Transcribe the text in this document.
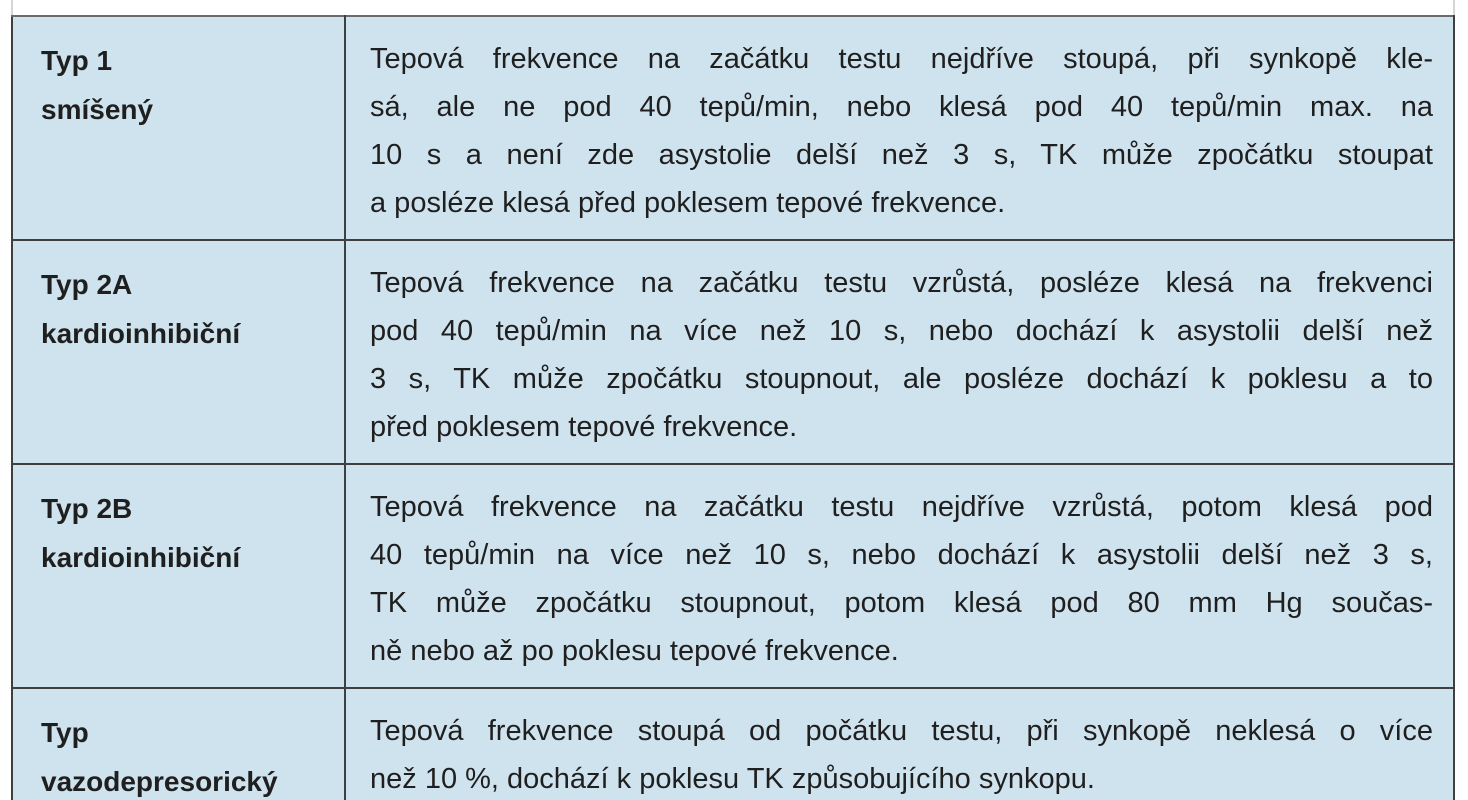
Typ 1
smíšený	Tepová frekvence na začátku testu nejdříve stoupá, při synkopě kle-
sá, ale ne pod 40 tepů/min, nebo klesá pod 40 tepů/min max. na
10 s a není zde asystolie delší než 3 s, TK může zpočátku stoupat
a posléze klesá před poklesem tepové frekvence.

Typ 2A
kardioinhibiční	Tepová frekvence na začátku testu vzrůstá, posléze klesá na frekvenci
pod 40 tepů/min na více než 10 s, nebo dochází k asystolii delší než
3 s, TK může zpočátku stoupnout, ale posléze dochází k poklesu a to
před poklesem tepové frekvence.

Typ 2B
kardioinhibiční	Tepová frekvence na začátku testu nejdříve vzrůstá, potom klesá pod
40 tepů/min na více než 10 s, nebo dochází k asystolii delší než 3 s,
TK může zpočátku stoupnout, potom klesá pod 80 mm Hg součas-
ně nebo až po poklesu tepové frekvence.

Typ
vazodepresorický	Tepová frekvence stoupá od počátku testu, při synkopě neklesá o více
než 10 %, dochází k poklesu TK způsobujícího synkopu.
